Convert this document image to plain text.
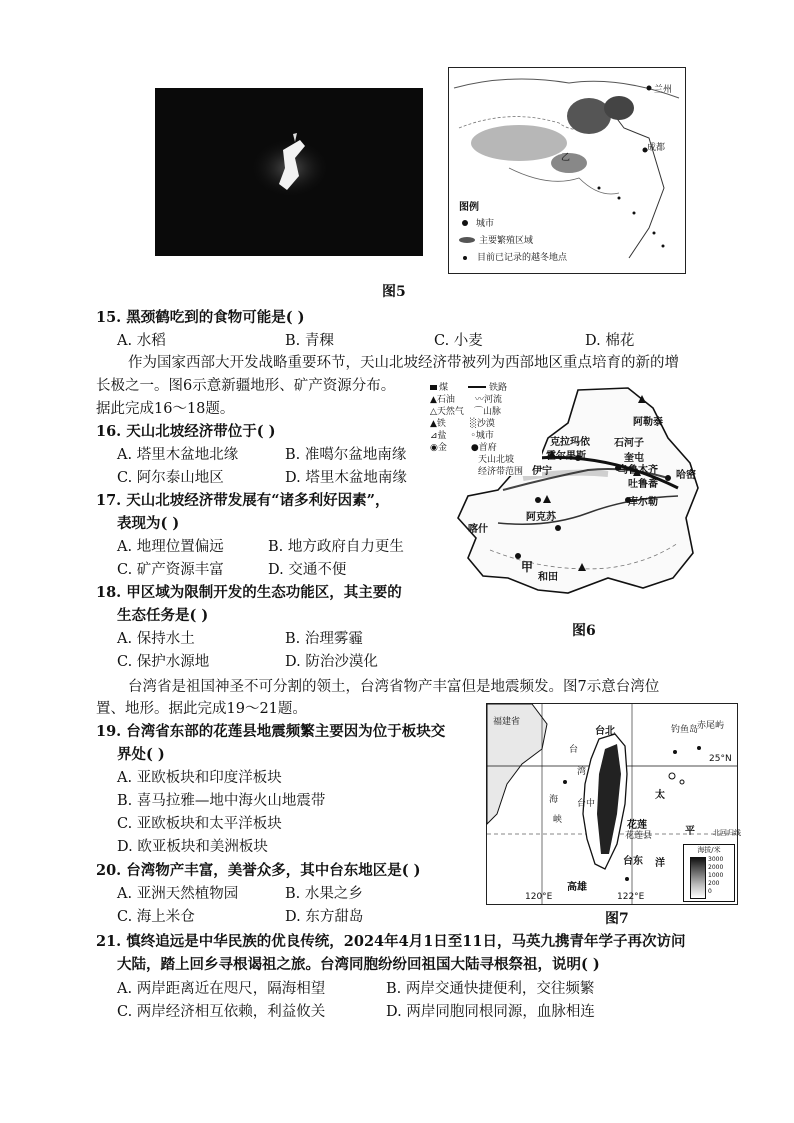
兰州
成都
乙
图例
城市
主要繁殖区域
目前已记录的越冬地点
图5
15. 黑颈鹤吃到的食物可能是( )
A. 水稻	B. 青稞	C. 小麦	D. 棉花
作为国家西部大开发战略重要环节，天山北坡经济带被列为西部地区重点培育的新的增
长极之一。图6示意新疆地形、矿产资源分布。
据此完成16～18题。
煤	铁路
▲石油 〰河流
△天然气 ⌒山脉
▲铁	░沙漠
⊿盐	◦城市
◉金	●首府
天山北坡
经济带范围
阿勒泰
克拉玛依 石河子
霍尔果斯	奎屯
乌鲁木齐
吐鲁番
哈密
伊宁
库尔勒
阿克苏
喀什
和田
甲
图6
16. 天山北坡经济带位于( )
A. 塔里木盆地北缘	B. 准噶尔盆地南缘
C. 阿尔泰山地区	D. 塔里木盆地南缘
17. 天山北坡经济带发展有“诸多利好因素”，
表现为( )
A. 地理位置偏远	B. 地方政府自力更生
C. 矿产资源丰富	D. 交通不便
18. 甲区域为限制开发的生态功能区，其主要的
生态任务是( )
A. 保持水土	B. 治理雾霾
C. 保护水源地	D. 防治沙漠化
台湾省是祖国神圣不可分割的领土，台湾省物产丰富但是地震频发。图7示意台湾位
置、地形。据此完成19～21题。
福建省
台北	钓鱼岛
赤尾屿
25°N
台
湾
海
峡
台中
花莲
花莲县
台东
高雄
太
平
洋
北回归线
120°E	122°E
海拔/米
3000
2000
1000
200
0
图7
19. 台湾省东部的花莲县地震频繁主要因为位于板块交
界处( )
A. 亚欧板块和印度洋板块
B. 喜马拉雅—地中海火山地震带
C. 亚欧板块和太平洋板块
D. 欧亚板块和美洲板块
20. 台湾物产丰富，美誉众多，其中台东地区是( )
A. 亚洲天然植物园	B. 水果之乡
C. 海上米仓	D. 东方甜岛
21. 慎终追远是中华民族的优良传统，2024年4月1日至11日，马英九携青年学子再次访问
大陆，踏上回乡寻根谒祖之旅。台湾同胞纷纷回祖国大陆寻根祭祖，说明( )
A. 两岸距离近在咫尺，隔海相望	B. 两岸交通快捷便利，交往频繁
C. 两岸经济相互依赖，利益攸关	D. 两岸同胞同根同源，血脉相连
